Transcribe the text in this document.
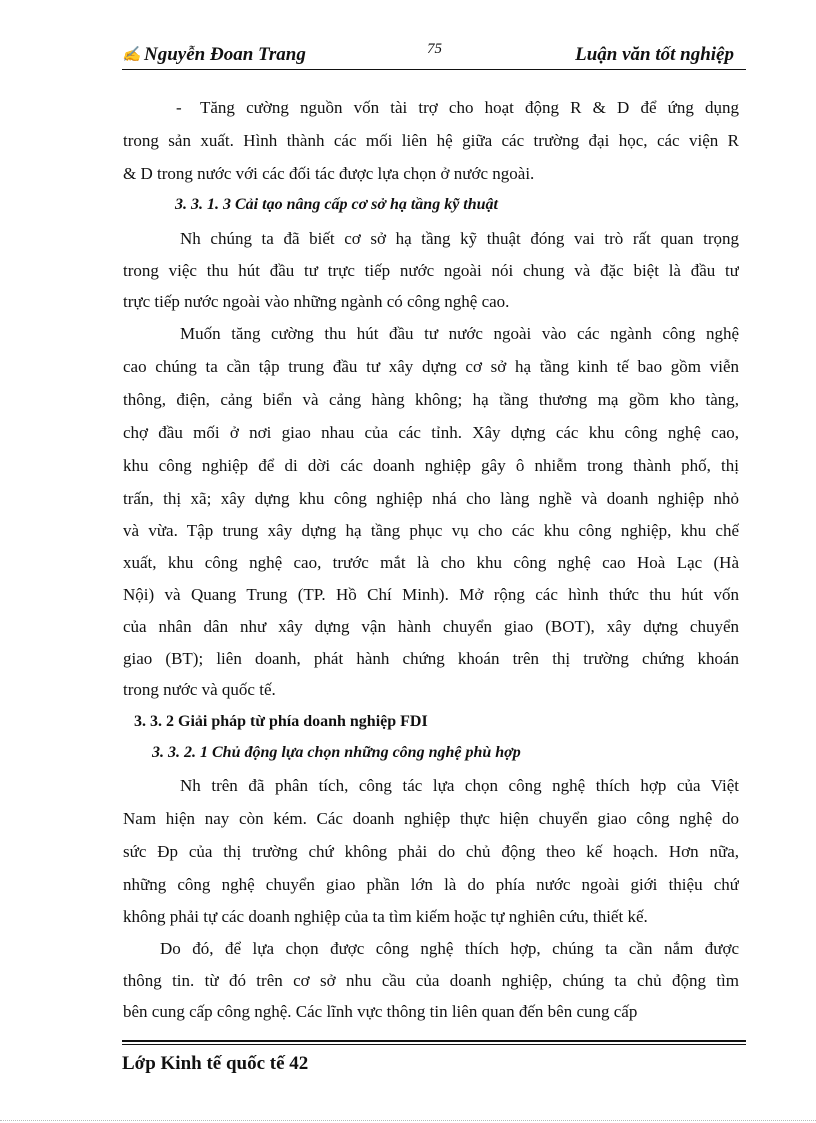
✍ Nguyễn Đoan Trang	75	Luận văn tốt nghiệp
- Tăng cường nguồn vốn tài trợ cho hoạt động R & D để ứng dụng
trong sản xuất. Hình thành các mối liên hệ giữa các trường đại học, các viện R
& D trong nước với các đối tác được lựa chọn ở nước ngoài.
3. 3. 1. 3 Cải tạo nâng cấp cơ sở hạ tầng kỹ thuật
Nh chúng ta đã biết cơ sở hạ tầng kỹ thuật đóng vai trò rất quan trọng
trong việc thu hút đầu tư trực tiếp nước ngoài nói chung và đặc biệt là đầu tư
trực tiếp nước ngoài vào những ngành có công nghệ cao.
Muốn tăng cường thu hút đầu tư nước ngoài vào các ngành công nghệ
cao chúng ta cần tập trung đầu tư xây dựng cơ sở hạ tầng kinh tế bao gồm viễn
thông, điện, cảng biển và cảng hàng không; hạ tầng thương mạ gồm kho tàng,
chợ đầu mối ở nơi giao nhau của các tỉnh. Xây dựng các khu công nghệ cao,
khu công nghiệp để di dời các doanh nghiệp gây ô nhiễm trong thành phố, thị
trấn, thị xã; xây dựng khu công nghiệp nhá cho làng nghề và doanh nghiệp nhỏ
và vừa. Tập trung xây dựng hạ tầng phục vụ cho các khu công nghiệp, khu chế
xuất, khu công nghệ cao, trước mắt là cho khu công nghệ cao Hoà Lạc (Hà
Nội) và Quang Trung (TP. Hồ Chí Minh). Mở rộng các hình thức thu hút vốn
của nhân dân như xây dựng vận hành chuyển giao (BOT), xây dựng chuyển
giao (BT); liên doanh, phát hành chứng khoán trên thị trường chứng khoán
trong nước và quốc tế.
3. 3. 2 Giải pháp từ phía doanh nghiệp FDI
3. 3. 2. 1 Chủ động lựa chọn những công nghệ phù hợp
Nh trên đã phân tích, công tác lựa chọn công nghệ thích hợp của Việt
Nam hiện nay còn kém. Các doanh nghiệp thực hiện chuyển giao công nghệ do
sức Đp của thị trường chứ không phải do chủ động theo kế hoạch. Hơn nữa,
những công nghệ chuyển giao phần lớn là do phía nước ngoài giới thiệu chứ
không phải tự các doanh nghiệp của ta tìm kiếm hoặc tự nghiên cứu, thiết kế.
Do đó, để lựa chọn được công nghệ thích hợp, chúng ta cần nắm được
thông tin. từ đó trên cơ sở nhu cầu của doanh nghiệp, chúng ta chủ động tìm
bên cung cấp công nghệ. Các lĩnh vực thông tin liên quan đến bên cung cấp
Lớp Kinh tế quốc tế 42
